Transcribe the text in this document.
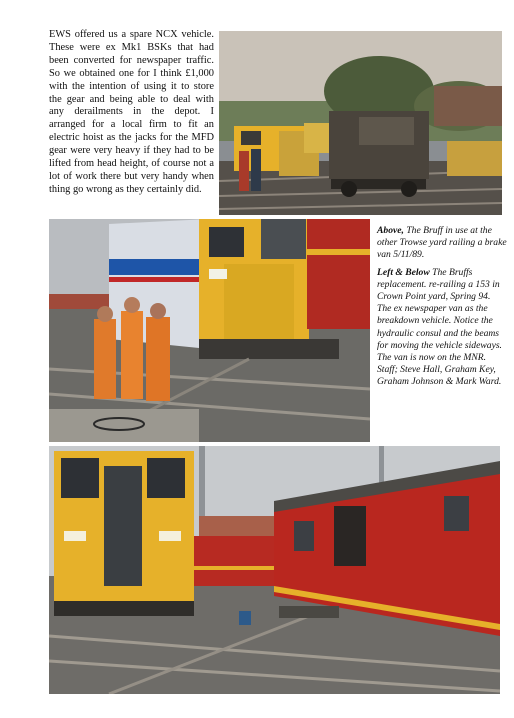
EWS offered us a spare NCX vehicle. These were ex Mk1 BSKs that had been converted for newspaper traffic. So we obtained one for I think £1,000 with the intention of using it to store the gear and being able to deal with any derailments in the depot. I arranged for a local firm to fit an electric hoist as the jacks for the MFD gear were very heavy if they had to be lifted from head height, of course not a lot of work there but very handy when thing go wrong as they certainly did.

Above, The Bruff in use at the other Trowse yard railing a brake van 5/11/89.

Left & Below The Bruffs replacement. re-railing a 153 in Crown Point yard, Spring 94.
The ex newspaper van as the breakdown vehicle. Notice the hydraulic consul and the beams for moving the vehicle sideways. The van is now on the MNR.
Staff; Steve Hall, Graham Key, Graham Johnson & Mark Ward.
